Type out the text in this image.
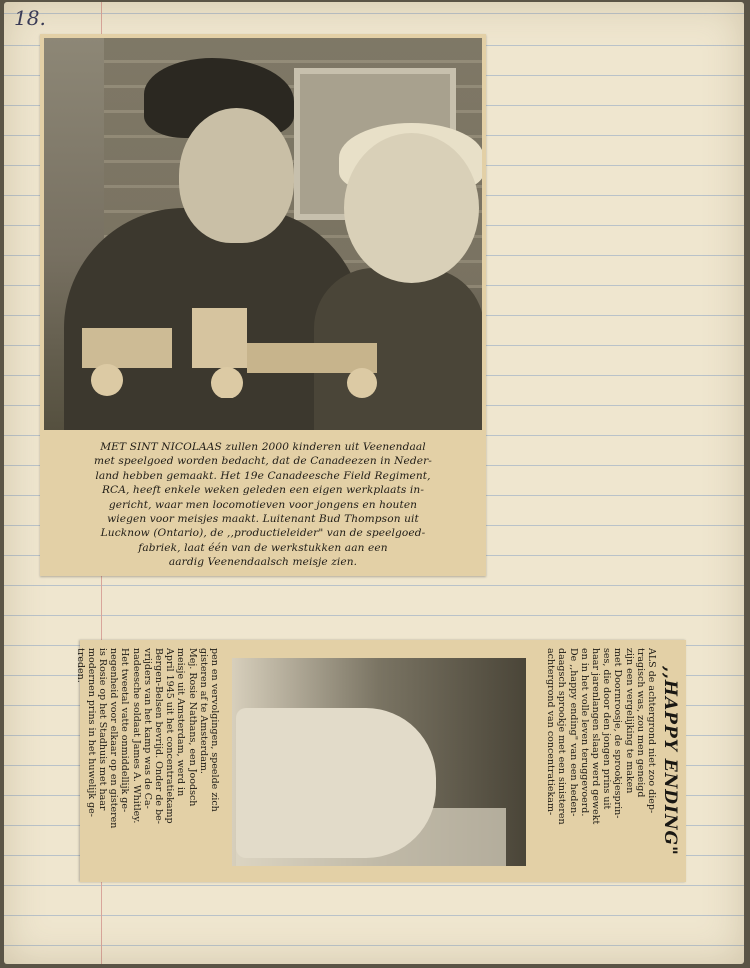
18.
MET SINT NICOLAAS zullen 2000 kinderen uit Veenendaal
met speelgoed worden bedacht, dat de Canadeezen in Neder-
land hebben gemaakt. Het 19e Canadeesche Field Regiment,
RCA, heeft enkele weken geleden een eigen werkplaats in-
gericht, waar men locomotieven voor jongens en houten
wiegen voor meisjes maakt. Luitenant Bud Thompson uit
Lucknow (Ontario), de ,,productieleider" van de speelgoed-
fabriek, laat één van de werkstukken aan een
aardig Veenendaalsch meisje zien.
,,HAPPY ENDING"

ALS de achtergrond niet zoo diep-
tragisch was, zou men geneigd
zijn een vergelijking te maken
met Doornroosje, de sprookjesprin-
ses, die door den jongen prins uit
haar jarenlangen slaap werd gewekt
en in het volle leven teruggevoerd.
De ,,happy ending" van een heden-
daagsch sprookje met een sinisteren
achtergrond van concentratiekam-

pen en vervolgingen, speelde zich
gisteren af te Amsterdam.
Mej. Rosie Nathans, een Joodsch
meisje uit Amsterdam, werd in
April 1945 uit het concentratiekamp
Bergen-Belsen bevrijd. Onder de be-
vrijders van het kamp was de Ca-
nadeesche soldaat James A. Whitley.
Het tweetal vatte onmiddellijk ge-
negenheid voor elkaar op en gisteren
is Rosie op het Stadhuis met haar
modernen prins in het huwelijk ge-
treden.
